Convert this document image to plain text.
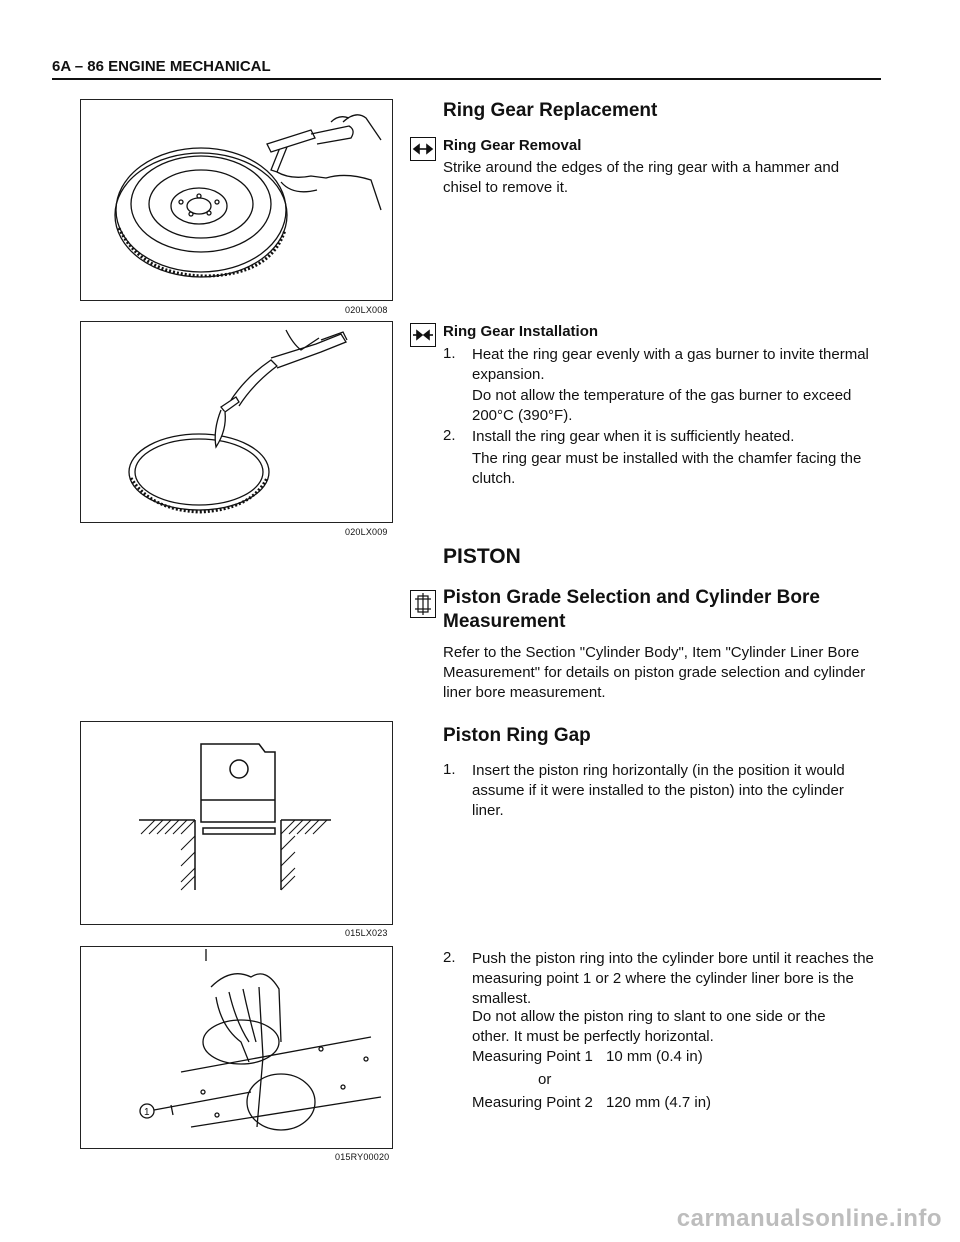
6A – 86 ENGINE MECHANICAL
020LX008
020LX009
015LX023
1
015RY00020
Ring Gear Replacement
Ring Gear Removal
Strike around the edges of the ring gear with a hammer and chisel to remove it.
Ring Gear Installation
1. Heat the ring gear evenly with a gas burner to invite thermal expansion.
Do not allow the temperature of the gas burner to exceed 200°C (390°F).
2. Install the ring gear when it is sufficiently heated.
The ring gear must be installed with the chamfer facing the clutch.
PISTON
Piston Grade Selection and Cylinder Bore Measurement
Refer to the Section "Cylinder Body", Item "Cylinder Liner Bore Measurement" for details on piston grade selection and cylinder liner bore measurement.
Piston Ring Gap
1. Insert the piston ring horizontally (in the position it would assume if it were installed to the piston) into the cylinder liner.
2. Push the piston ring into the cylinder bore until it reaches the measuring point 1 or 2 where the cylinder liner bore is the smallest.
Do not allow the piston ring to slant to one side or the other. It must be perfectly horizontal.
Measuring Point 1 10 mm (0.4 in)
or
Measuring Point 2 120 mm (4.7 in)
carmanualsonline.info
